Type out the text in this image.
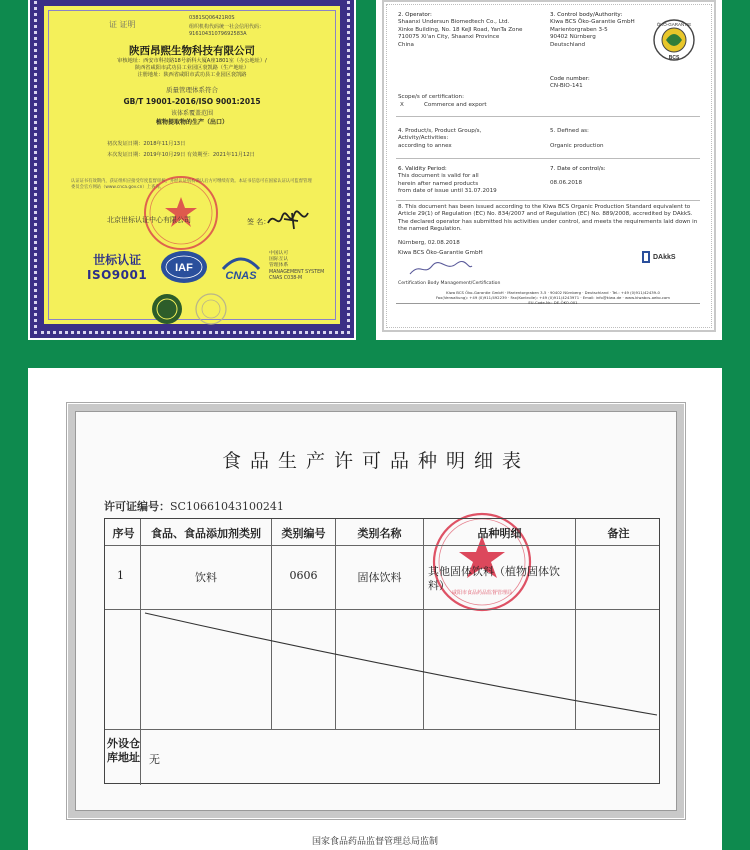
证 证明
0381SQ06421R0S
组织机构代码统一社会信用代码：
91610431079692583A
陕西昂熙生物科技有限公司
审核地址：西安市科技路18号新科大厦A座1801室（办公地址）/
陕西省咸阳市武功县工业园区衮凯路（生产地址）
注册地址：陕西省咸阳市武功县工业园区衮凯路
质量管理体系符合
GB/T 19001-2016/ISO 9001:2015
该体系覆盖范围
植物提取物的生产（出口）
初次发证日期：2018年11月13日
本次发证日期：2019年10月29日 有效期至：2021年11月12日
认证证书有效期内，获证组织应接受年度监督审核，并经认证机构确认后方可继续有效。本证书信息可在国家认证认可监督管理委员会官方网站（www.cnca.gov.cn）上查询。
北京世标认证中心有限公司	签 名：
世标认证
ISO9001	IAF
CNAS
中国认可
国际互认
管理体系
MANAGEMENT SYSTEM
CNAS C038-M
2. Operator:
Shaanxi Undersun Biomedtech Co., Ltd.
Xinke Building, No. 18 KeJI Road, YanTa Zone
710075 Xi'an City, Shaanxi Province
China
3. Control body/Authority:
Kiwa BCS Öko-Garantie GmbH
Marientorgraben 3-5
90402 Nürnberg
Deutschland
ÖKO-GARANTIE
BCS
Code number:
CN-BIO-141
Scope/s of certification:
X	Commerce and export
4. Product/s, Product Group/s, Activity/Activities:
according to annex
5. Defined as:
Organic production
6. Validity Period:
This document is valid for all
herein after named products
from date of issue until 31.07.2019
7. Date of control/s:
08.06.2018
8. This document has been issued according to the Kiwa BCS Organic Production Standard equivalent to Article 29(1) of Regulation (EC) No. 834/2007 and of Regulation (EC) No. 889/2008, accredited by DAkkS. The declared operator has submitted his activities under control, and meets the requirements laid down in the named Regulation.
Nürnberg, 02.08.2018
Kiwa BCS Öko-Garantie GmbH
Certification Body Management/Certification
DAkkS
Kiwa BCS Öko-Garantie GmbH · Marientorgraben 3-5 · 90402 Nürnberg · Deutschland · Tel.: +49 (0)911/42439-0
Fax(Verwaltung): +49 (0)911/492239 · Fax(Kontrolle): +49 (0)911/4243971 · Email: info@kiwa.de · www.kiwabcs-oeko.com
EU-Code-Nr.: DE-ÖKO-001
食品生产许可品种明细表
许可证编号：SC10661043100241
咸阳市食品药品监督管理局
序号	食品、食品添加剂类别	类别编号	类别名称	品种明细	备注
1	饮料	0606	固体饮料	其他固体饮料（植物固体饮料）
外设仓库地址 无
国家食品药品监督管理总局监制
